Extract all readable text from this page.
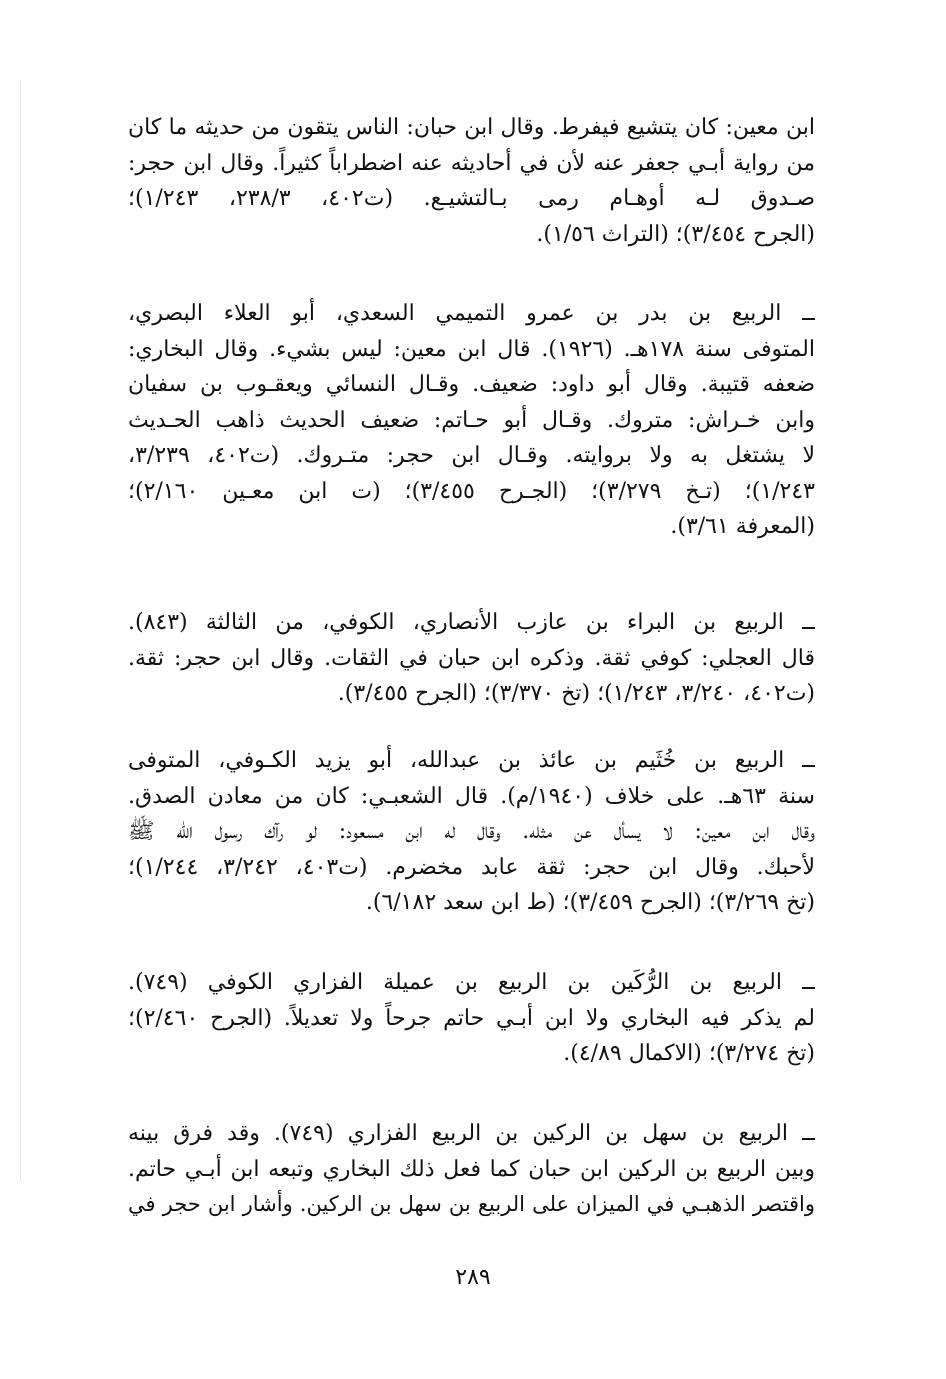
ابن معين: كان يتشيع فيفرط. وقال ابن حبان: الناس يتقون من حديثه ما كان
من رواية أبـي جعفر عنه لأن في أحاديثه عنه اضطراباً كثيراً. وقال ابن حجر:
صـدوق لـه أوهـام رمى بـالتشيـع. (ت٤٠٢، ٢٣٨/٣، ١/٢٤٣)؛
(الجرح ٣/٤٥٤)؛ (التراث ١/٥٦).
ــ الربيع بن بدر بن عمرو التميمي السعدي، أبو العلاء البصري،
المتوفى سنة ١٧٨هـ. (١٩٢٦). قال ابن معين: ليس بشيء. وقال البخاري:
ضعفه قتيبة. وقال أبو داود: ضعيف. وقـال النسائي ويعقـوب بن سفيان
وابن خـراش: متروك. وقـال أبو حـاتم: ضعيف الحديث ذاهب الحـديث
لا يشتغل به ولا بروايته. وقـال ابن حجر: متـروك. (ت٤٠٢، ٣/٢٣٩،
١/٢٤٣)؛ (تـخ ٣/٢٧٩)؛ (الجـرح ٣/٤٥٥)؛ (ت ابن معـين ٢/١٦٠)؛
(المعرفة ٣/٦١).
ــ الربيع بن البراء بن عازب الأنصاري، الكوفي، من الثالثة (٨٤٣).
قال العجلي: كوفي ثقة. وذكره ابن حبان في الثقات. وقال ابن حجر: ثقة.
(ت٤٠٢، ٣/٢٤٠، ١/٢٤٣)؛ (تخ ٣/٣٧٠)؛ (الجرح ٣/٤٥٥).
ــ الربيع بن خُثَيم بن عائذ بن عبدالله، أبو يزيد الكـوفي، المتوفى
سنة ٦٣هـ. على خلاف (١٩٤٠/م). قال الشعبـي: كان من معادن الصدق.
وقال ابن معين: لا يسأل عن مثله. وقال له ابن مسعود: لو رآك رسول الله ﷺ
لأحبك. وقال ابن حجر: ثقة عابد مخضرم. (ت٤٠٣، ٣/٢٤٢، ١/٢٤٤)؛
(تخ ٣/٢٦٩)؛ (الجرح ٣/٤٥٩)؛ (ط ابن سعد ٦/١٨٢).
ــ الربيع بن الرُّكَين بن الربيع بن عميلة الفزاري الكوفي (٧٤٩).
لم يذكر فيه البخاري ولا ابن أبـي حاتم جرحاً ولا تعديلاً. (الجرح ٢/٤٦٠)؛
(تخ ٣/٢٧٤)؛ (الاكمال ٤/٨٩).
ــ الربيع بن سهل بن الركين بن الربيع الفزاري (٧٤٩). وقد فرق بينه
وبين الربيع بن الركين ابن حبان كما فعل ذلك البخاري وتبعه ابن أبـي حاتم.
واقتصر الذهبـي في الميزان على الربيع بن سهل بن الركين. وأشار ابن حجر في
٢٨٩
